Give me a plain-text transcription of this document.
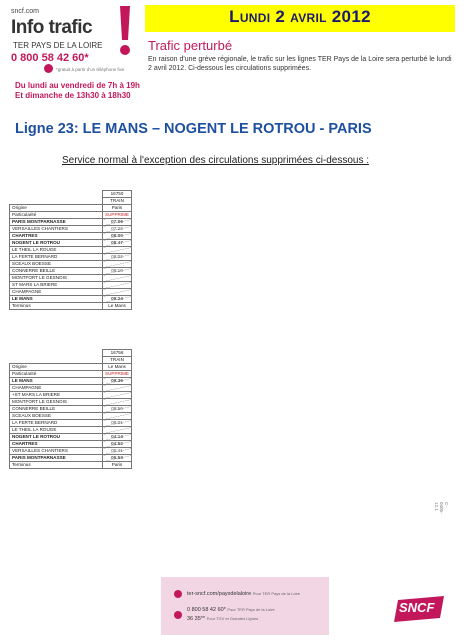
sncf.com
Info trafic
TER PAYS DE LA LOIRE
0 800 58 42 60*
*gratuit à partir d'un téléphone fixe
Du lundi au vendredi de 7h à 19h
Et dimanche de 13h30 à 18h30
Lundi 2 avril 2012
Trafic perturbé
En raison d'une grève régionale, le trafic sur les lignes TER Pays de la Loire sera perturbé le lundi 2 avril 2012. Ci-dessous les circulations supprimées.
Ligne 23: LE MANS – NOGENT LE ROTROU - PARIS
Service normal à l'exception des circulations supprimées ci-dessous :
	16750
	TRAIN
Origine	Paris
Particularité	SUPPRIME
PARIS MONTPARNASSE	07:06
VERSAILLES CHANTIERS	07:22
CHARTRES	08:00
NOGENT LE ROTROU	08:47
LE THEIL LA ROUGE	
LA FERTE BERNARD	09:02
SCEAUX BOESSE	
CONNERRE BEILLE	09:10
MONTFORT LE GESNOIS	
ST MARS LA BRIERE	
CHAMPAGNE	
LE MANS	09:24
Terminus	Le Mans
	16756
	TRAIN
Origine	Le Mans
Particularité	SUPPRIME
LE MANS	09:36
CHAMPAGNE	
+ST MARS LA BRIERE	
MONTFORT LE GESNOIS	
CONNERRE BEILLE	09:50
SCEAUX BOESSE	
LA FERTE BERNARD	09:01
LE THEIL LA ROUGE	
NOGENT LE ROTROU	04:14
CHARTRES	04:52
VERSAILLES CHANTIERS	05:41
PARIS MONTPARNASSE	05:53
Terminus	Paris
C-0405-12.1
ter-sncf.com/paysdelaloire Pour TER Pays de la Loire
0 800 58 42 60* Pour TER Pays de la Loire
36 35** Pour TGV et Grandes Lignes
SNCF
